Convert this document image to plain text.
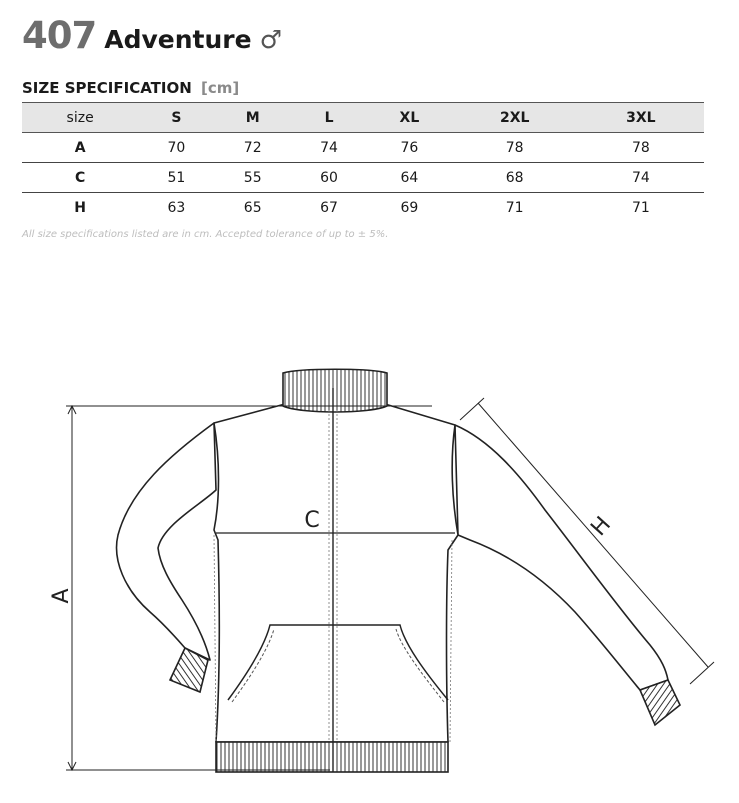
407 Adventure ♂
SIZE SPECIFICATION [cm]
size	S	M	L	XL	2XL	3XL
A	70	72	74	76	78	78
C	51	55	60	64	68	74
H	63	65	67	69	71	71
All size specifications listed are in cm. Accepted tolerance of up to ± 5%.
A
C	H
